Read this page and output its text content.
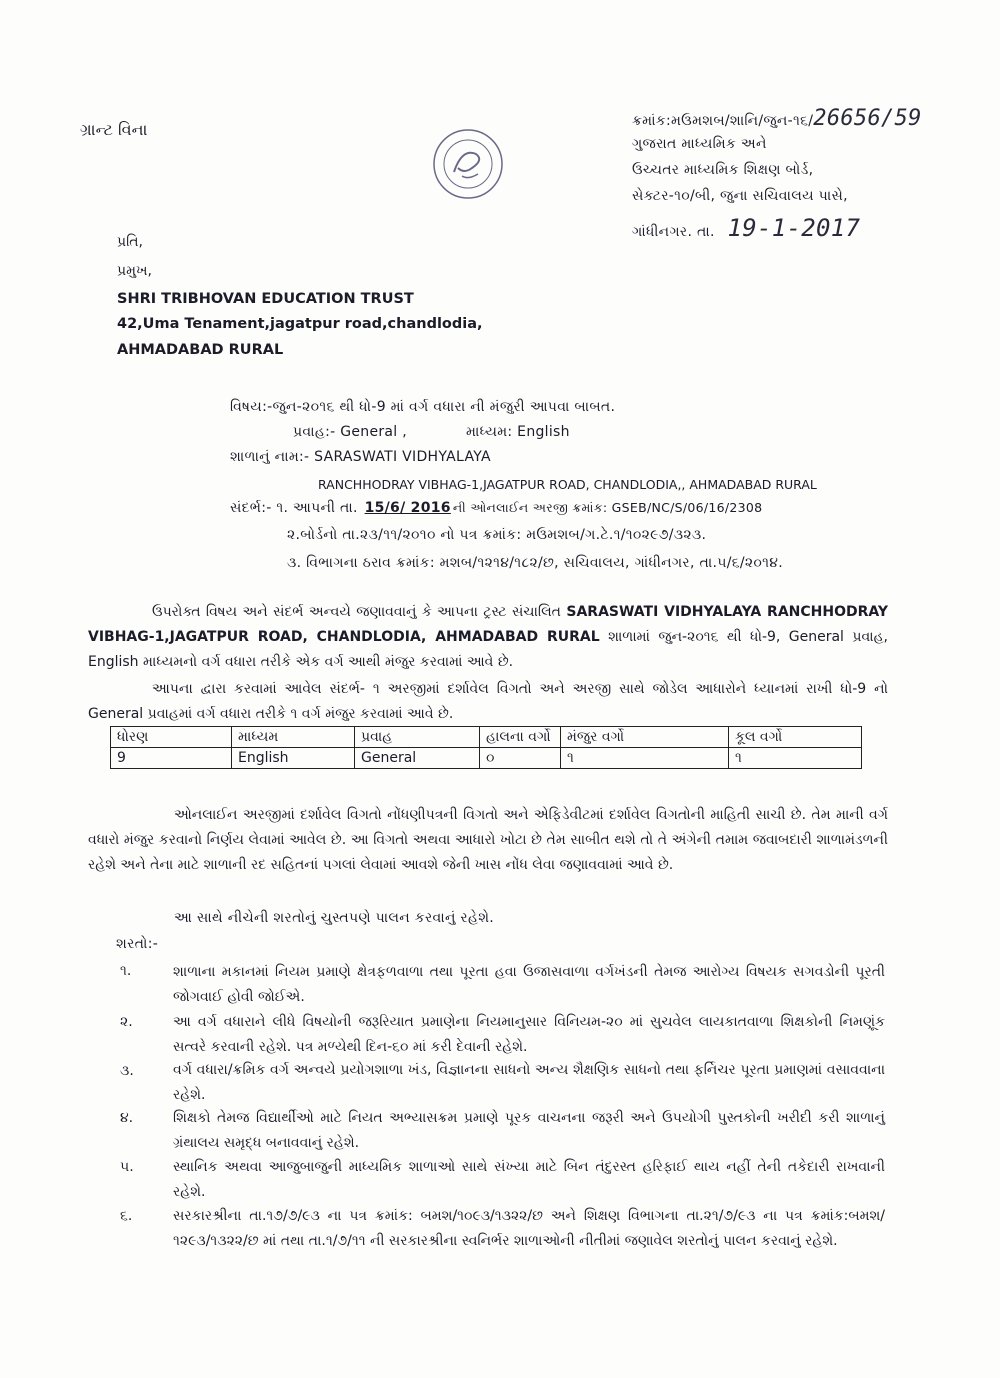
ગ્રાન્ટ વિના	ક્રમાંક:મઉમશબ/શાનિ/જુન-૧૬/26656/59
ગુજરાત માધ્યમિક અને
ઉચ્ચતર માધ્યમિક શિક્ષણ બોર્ડ,
સેક્ટર-૧૦/બી, જુના સચિવાલય પાસે,
ગાંધીનગર. તા. 19-1-2017
પ્રતિ,
પ્રમુખ,
SHRI TRIBHOVAN EDUCATION TRUST
42,Uma Tenament,jagatpur road,chandlodia,
AHMADABAD RURAL
વિષય:-જુન-૨૦૧૬ થી ધો-9 માં વર્ગ વધારા ની મંજુરી આપવા બાબત.
પ્રવાહ:- General ,	માધ્યમ: English
શાળાનું નામ:- SARASWATI VIDHYALAYA
RANCHHODRAY VIBHAG-1,JAGATPUR ROAD, CHANDLODIA,, AHMADABAD RURAL
સંદર્ભ:- ૧. આપની તા. 15/6/ 2016 ની ઓનલાઈન અરજી ક્રમાંક: GSEB/NC/S/06/16/2308
૨.બોર્ડનો તા.૨૩/૧૧/૨૦૧૦ નો પત્ર ક્રમાંક: મઉમશબ/ગ.ટે.૧/૧૦૨૯૭/૩૨૩.
૩. વિભાગના ઠરાવ ક્રમાંક: મશબ/૧૨૧૪/૧૮૨/છ, સચિવાલય, ગાંધીનગર, તા.૫/૬/૨૦૧૪.
ઉપરોક્ત વિષય અને સંદર્ભ અન્વયે જણાવવાનું કે આપના ટ્રસ્ટ સંચાલિત SARASWATI VIDHYALAYA RANCHHODRAY VIBHAG-1,JAGATPUR ROAD, CHANDLODIA, AHMADABAD RURAL શાળામાં જુન-૨૦૧૬ થી ધો-9, General પ્રવાહ, English માધ્યમનો વર્ગ વધારા તરીકે એક વર્ગ આથી મંજુર કરવામાં આવે છે.
આપના દ્વારા કરવામાં આવેલ સંદર્ભ- ૧ અરજીમાં દર્શાવેલ વિગતો અને અરજી સાથે જોડેલ આધારોને ધ્યાનમાં રાખી ધો-9 નો General પ્રવાહમાં વર્ગ વધારા તરીકે ૧ વર્ગ મંજુર કરવામાં આવે છે.
ધોરણ	માધ્યમ	પ્રવાહ	હાલના વર્ગો	મંજુર વર્ગો	કૂલ વર્ગો
9	English	General	૦	૧	૧
ઓનલાઈન અરજીમાં દર્શાવેલ વિગતો નોંધણીપત્રની વિગતો અને એફિડેવીટમાં દર્શાવેલ વિગતોની માહિતી સાચી છે. તેમ માની વર્ગ વધારો મંજુર કરવાનો નિર્ણય લેવામાં આવેલ છે. આ વિગતો અથવા આધારો ખોટા છે તેમ સાબીત થશે તો તે અંગેની તમામ જવાબદારી શાળામંડળની રહેશે અને તેના માટે શાળાની રદ સહિતનાં પગલાં લેવામાં આવશે જેની ખાસ નોંધ લેવા જણાવવામાં આવે છે.
આ સાથે નીચેની શરતોનું ચુસ્તપણે પાલન કરવાનું રહેશે.
શરતો:-
૧.	શાળાના મકાનમાં નિયમ પ્રમાણે ક્ષેત્રફળવાળા તથા પૂરતા હવા ઉજાસવાળા વર્ગખંડની તેમજ આરોગ્ય વિષયક સગવડોની પૂરતી જોગવાઈ હોવી જોઈએ.
૨.	આ વર્ગ વધારાને લીધે વિષયોની જરૂરિયાત પ્રમાણેના નિયમાનુસાર વિનિયમ-૨૦ માં સુચવેલ લાયકાતવાળા શિક્ષકોની નિમણૂંક સત્વરે કરવાની રહેશે. પત્ર મળ્યેથી દિન-૬૦ માં કરી દેવાની રહેશે.
૩.	વર્ગ વધારા/ક્રમિક વર્ગ અન્વયે પ્રયોગશાળા ખંડ, વિજ્ઞાનના સાધનો અન્ય શૈક્ષણિક સાધનો તથા ફર્નિચર પૂરતા પ્રમાણમાં વસાવવાના રહેશે.
૪.	શિક્ષકો તેમજ વિદ્યાર્થીઓ માટે નિયત અભ્યાસક્રમ પ્રમાણે પૂરક વાચનના જરૂરી અને ઉપયોગી પુસ્તકોની ખરીદી કરી શાળાનું ગ્રંથાલય સમૃદ્ધ બનાવવાનું રહેશે.
૫.	સ્થાનિક અથવા આજુબાજુની માધ્યમિક શાળાઓ સાથે સંખ્યા માટે બિન તંદુરસ્ત હરિફાઈ થાય નહીં તેની તકેદારી રાખવાની રહેશે.
૬.	સરકારશ્રીના તા.૧૭/૭/૯૩ ના પત્ર ક્રમાંક: બમશ/૧૦૯૩/૧૩૨૨/છ અને શિક્ષણ વિભાગના તા.૨૧/૭/૯૩ ના પત્ર ક્રમાંક:બમશ/૧૨૯૩/૧૩૨૨/છ માં તથા તા.૧/૭/૧૧ ની સરકારશ્રીના સ્વનિર્ભર શાળાઓની નીતીમાં જણાવેલ શરતોનું પાલન કરવાનું રહેશે.
